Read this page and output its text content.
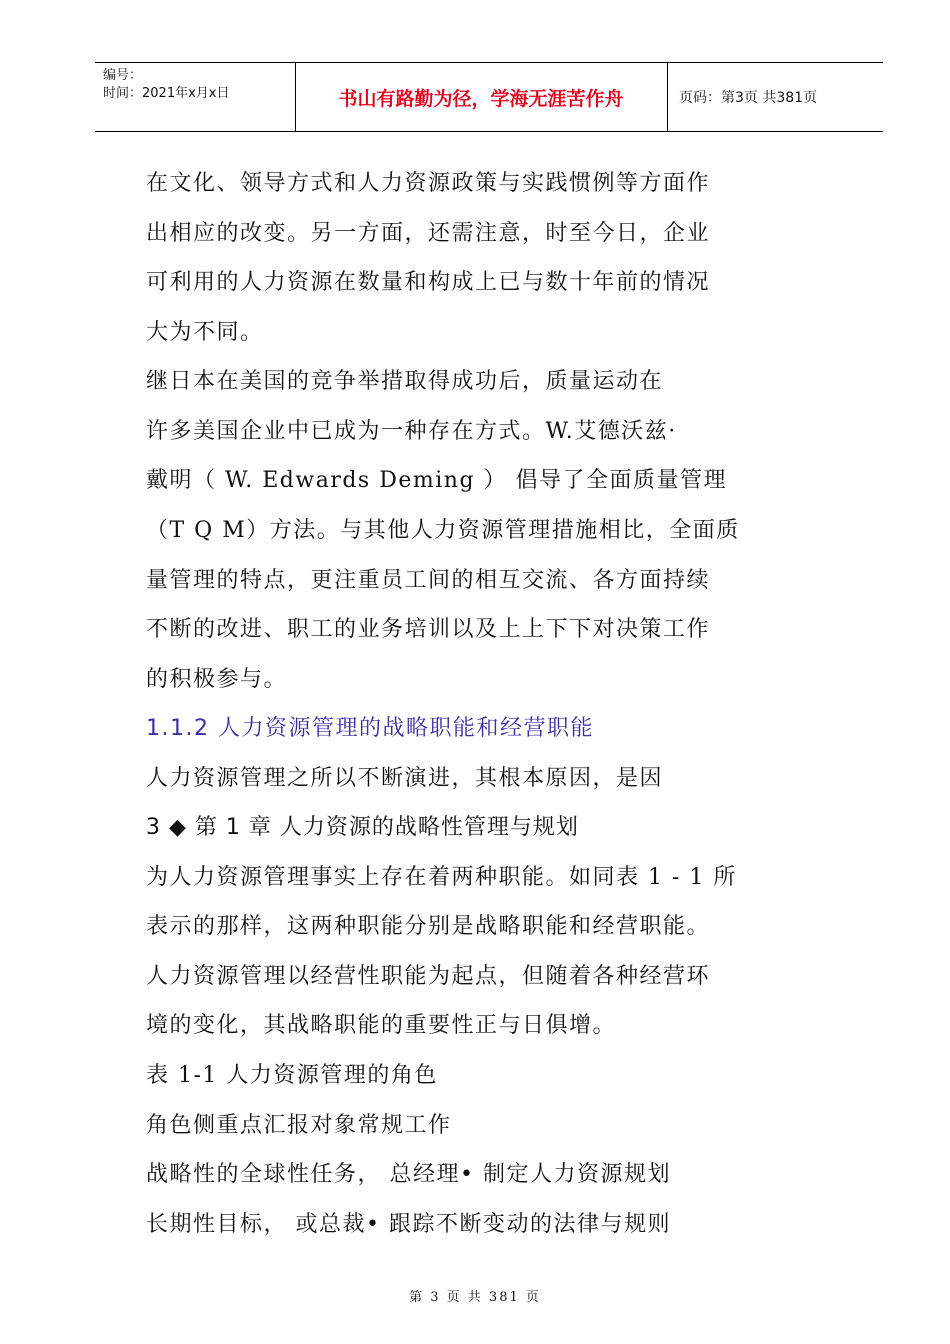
编号：
时间：2021年x月x日	书山有路勤为径，学海无涯苦作舟	页码：第3页 共381页
在文化、领导方式和人力资源政策与实践惯例等方面作
出相应的改变。另一方面，还需注意，时至今日，企业
可利用的人力资源在数量和构成上已与数十年前的情况
大为不同。
继日本在美国的竞争举措取得成功后，质量运动在
许多美国企业中已成为一种存在方式。W.艾德沃兹·
戴明（ W. Edwards Deming ） 倡导了全面质量管理
（T Q M）方法。与其他人力资源管理措施相比，全面质
量管理的特点，更注重员工间的相互交流、各方面持续
不断的改进、职工的业务培训以及上上下下对决策工作
的积极参与。
1.1.2 人力资源管理的战略职能和经营职能
人力资源管理之所以不断演进，其根本原因，是因
3 ◆ 第 1 章 人力资源的战略性管理与规划
为人力资源管理事实上存在着两种职能。如同表 1 - 1 所
表示的那样，这两种职能分别是战略职能和经营职能。
人力资源管理以经营性职能为起点，但随着各种经营环
境的变化，其战略职能的重要性正与日俱增。
表 1-1 人力资源管理的角色
角色侧重点汇报对象常规工作
战略性的全球性任务， 总经理• 制定人力资源规划
长期性目标， 或总裁• 跟踪不断变动的法律与规则
第 3 页 共 381 页
